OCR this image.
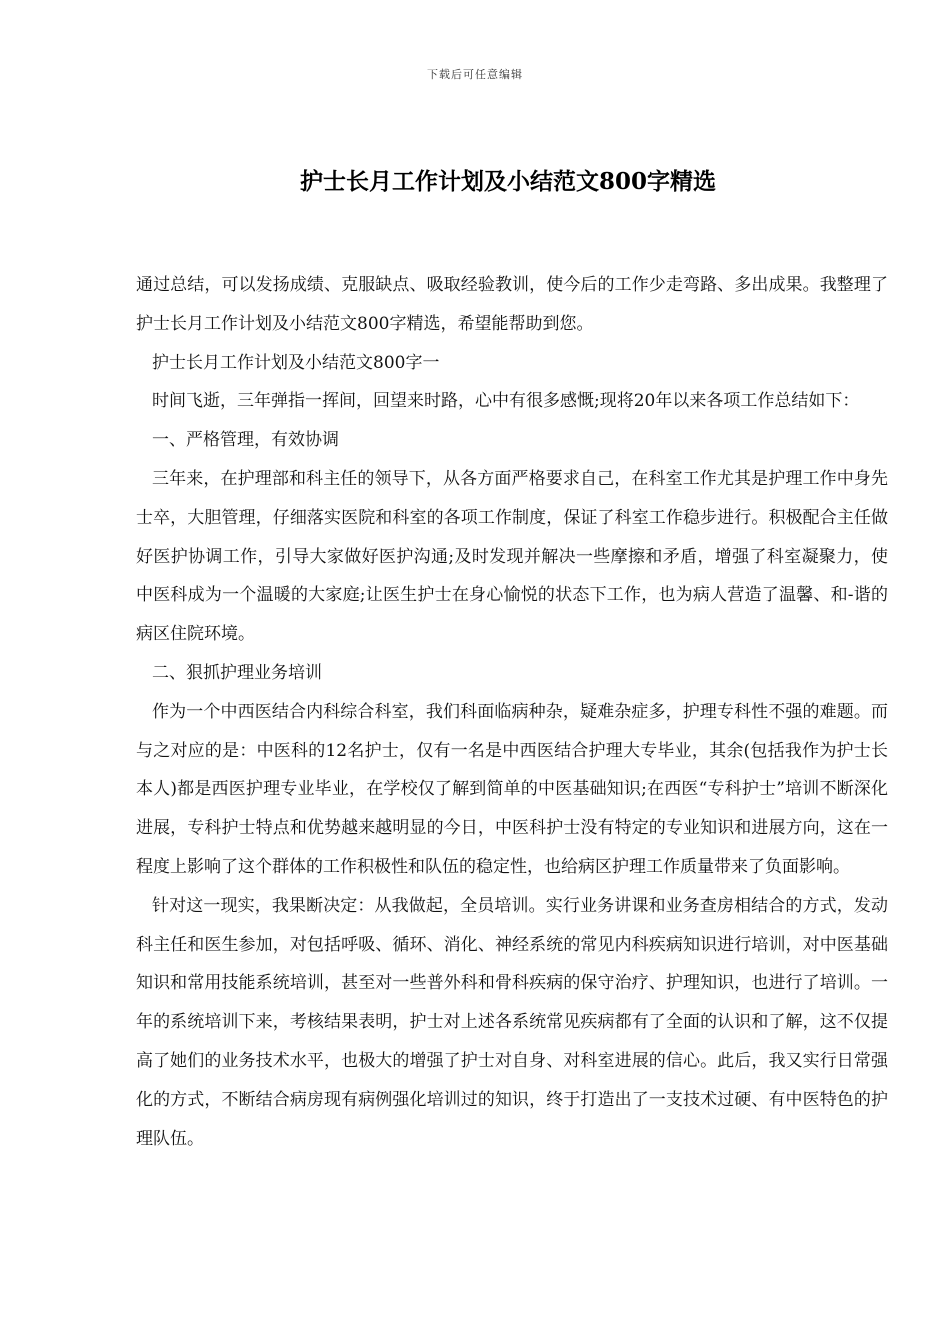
下载后可任意编辑
护士长月工作计划及小结范文800字精选

通过总结，可以发扬成绩、克服缺点、吸取经验教训，使今后的工作少走弯路、多出成果。我整理了护士长月工作计划及小结范文800字精选，希望能帮助到您。

护士长月工作计划及小结范文800字一

时间飞逝，三年弹指一挥间，回望来时路，心中有很多感慨;现将20年以来各项工作总结如下：

一、严格管理，有效协调

三年来，在护理部和科主任的领导下，从各方面严格要求自己，在科室工作尤其是护理工作中身先士卒，大胆管理，仔细落实医院和科室的各项工作制度，保证了科室工作稳步进行。积极配合主任做好医护协调工作，引导大家做好医护沟通;及时发现并解决一些摩擦和矛盾，增强了科室凝聚力，使中医科成为一个温暖的大家庭;让医生护士在身心愉悦的状态下工作，也为病人营造了温馨、和-谐的病区住院环境。

二、狠抓护理业务培训

作为一个中西医结合内科综合科室，我们科面临病种杂，疑难杂症多，护理专科性不强的难题。而与之对应的是：中医科的12名护士，仅有一名是中西医结合护理大专毕业，其余(包括我作为护士长本人)都是西医护理专业毕业，在学校仅了解到简单的中医基础知识;在西医“专科护士”培训不断深化进展，专科护士特点和优势越来越明显的今日，中医科护士没有特定的专业知识和进展方向，这在一程度上影响了这个群体的工作积极性和队伍的稳定性，也给病区护理工作质量带来了负面影响。

针对这一现实，我果断决定：从我做起，全员培训。实行业务讲课和业务查房相结合的方式，发动科主任和医生参加，对包括呼吸、循环、消化、神经系统的常见内科疾病知识进行培训，对中医基础知识和常用技能系统培训，甚至对一些普外科和骨科疾病的保守治疗、护理知识，也进行了培训。一年的系统培训下来，考核结果表明，护士对上述各系统常见疾病都有了全面的认识和了解，这不仅提高了她们的业务技术水平，也极大的增强了护士对自身、对科室进展的信心。此后，我又实行日常强化的方式，不断结合病房现有病例强化培训过的知识，终于打造出了一支技术过硬、有中医特色的护理队伍。
